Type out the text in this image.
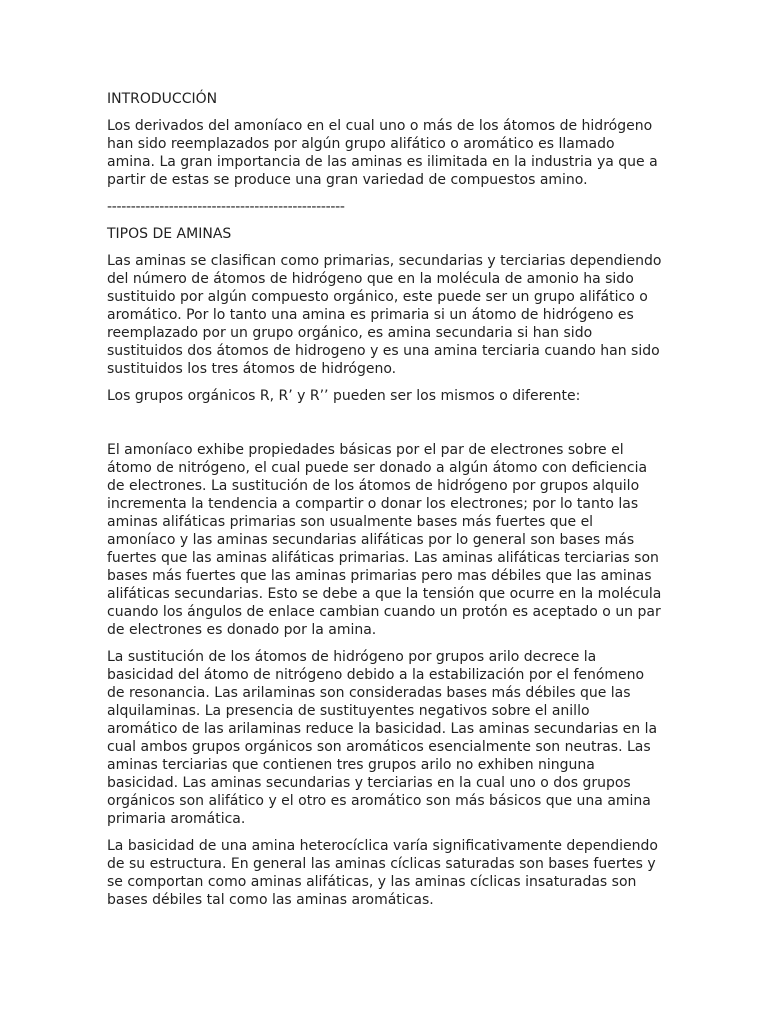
INTRODUCCIÓN

Los derivados del amoníaco en el cual uno o más de los átomos de hidrógeno han sido reemplazados por algún grupo alifático o aromático es llamado amina. La gran importancia de las aminas es ilimitada en la industria ya que a partir de estas se produce una gran variedad de compuestos amino.

--------------------------------------------------

TIPOS DE AMINAS

Las aminas se clasifican como primarias, secundarias y terciarias dependiendo del número de átomos de hidrógeno que en la molécula de amonio ha sido sustituido por algún compuesto orgánico, este puede ser un grupo alifático o aromático. Por lo tanto una amina es primaria si un átomo de hidrógeno es reemplazado por un grupo orgánico, es amina secundaria si han sido sustituidos dos átomos de hidrogeno y es una amina terciaria cuando han sido sustituidos los tres átomos de hidrógeno.

Los grupos orgánicos R, R’ y R’’ pueden ser los mismos o diferente:

El amoníaco exhibe propiedades básicas por el par de electrones sobre el átomo de nitrógeno, el cual puede ser donado a algún átomo con deficiencia de electrones. La sustitución de los átomos de hidrógeno por grupos alquilo incrementa la tendencia a compartir o donar los electrones; por lo tanto las aminas alifáticas primarias son usualmente bases más fuertes que el amoníaco y las aminas secundarias alifáticas por lo general son bases más fuertes que las aminas alifáticas primarias. Las aminas alifáticas terciarias son bases más fuertes que las aminas primarias pero mas débiles que las aminas alifáticas secundarias. Esto se debe a que la tensión que ocurre en la molécula cuando los ángulos de enlace cambian cuando un protón es aceptado o un par de electrones es donado por la amina.

La sustitución de los átomos de hidrógeno por grupos arilo decrece la basicidad del átomo de nitrógeno debido a la estabilización por el fenómeno de resonancia. Las arilaminas son consideradas bases más débiles que las alquilaminas. La presencia de sustituyentes negativos sobre el anillo aromático de las arilaminas reduce la basicidad. Las aminas secundarias en la cual ambos grupos orgánicos son aromáticos esencialmente son neutras. Las aminas terciarias que contienen tres grupos arilo no exhiben ninguna basicidad. Las aminas secundarias y terciarias en la cual uno o dos grupos orgánicos son alifático y el otro es aromático son más básicos que una amina primaria aromática.

La basicidad de una amina heterocíclica varía significativamente dependiendo de su estructura. En general las aminas cíclicas saturadas son bases fuertes y se comportan como aminas alifáticas, y las aminas cíclicas insaturadas son bases débiles tal como las aminas aromáticas.
